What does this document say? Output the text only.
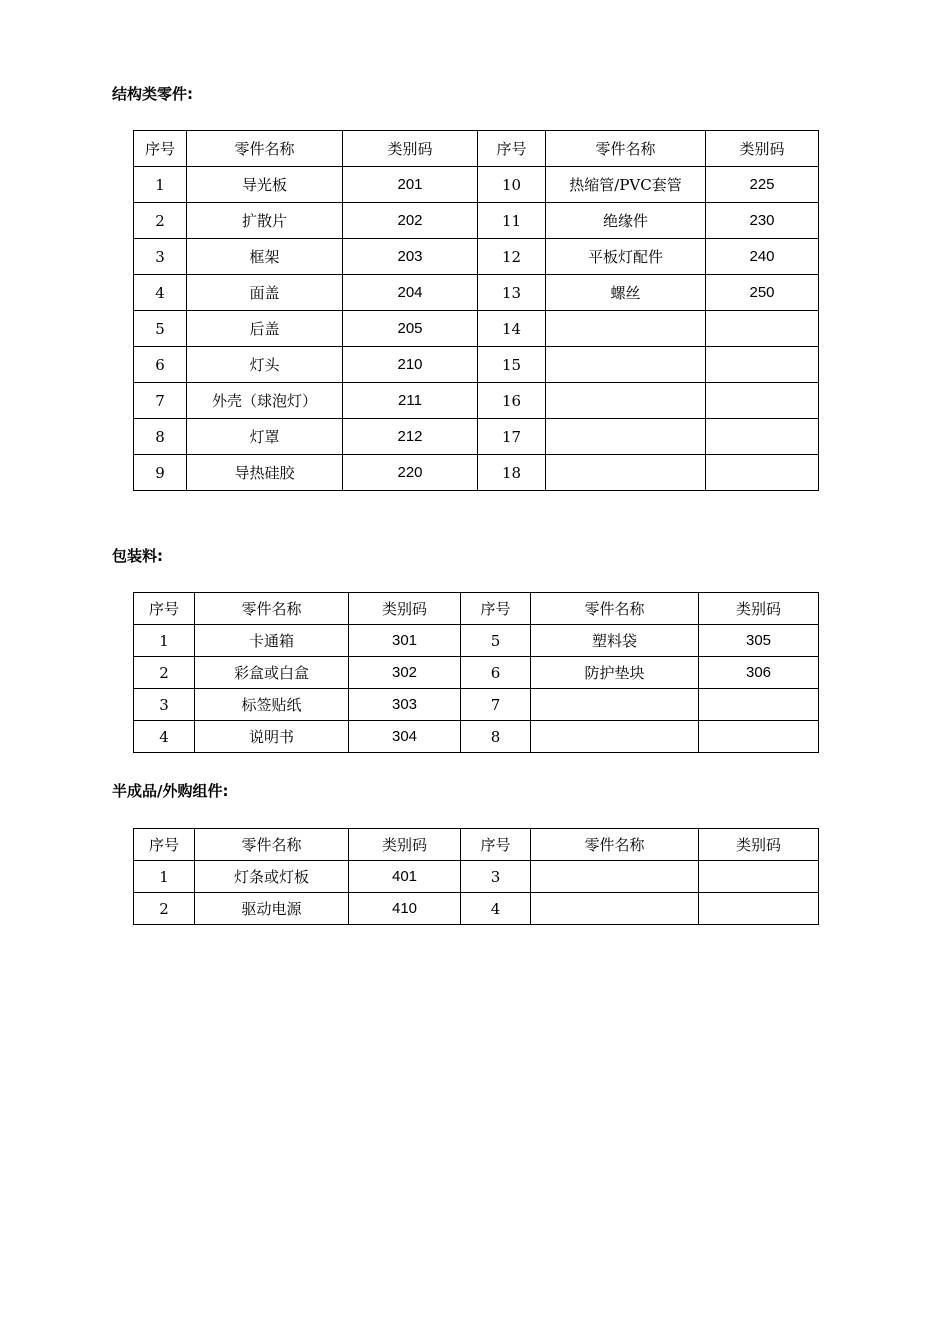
结构类零件:
序号	零件名称	类别码	序号	零件名称	类别码
1	导光板	201	10	热缩管/PVC套管	225
2	扩散片	202	11	绝缘件	230
3	框架	203	12	平板灯配件	240
4	面盖	204	13	螺丝	250
5	后盖	205	14		
6	灯头	210	15		
7	外壳（球泡灯）	211	16		
8	灯罩	212	17		
9	导热硅胶	220	18		
包装料:
序号	零件名称	类别码	序号	零件名称	类别码
1	卡通箱	301	5	塑料袋	305
2	彩盒或白盒	302	6	防护垫块	306
3	标签贴纸	303	7		
4	说明书	304	8		
半成品/外购组件:
序号	零件名称	类别码	序号	零件名称	类别码
1	灯条或灯板	401	3		
2	驱动电源	410	4		
